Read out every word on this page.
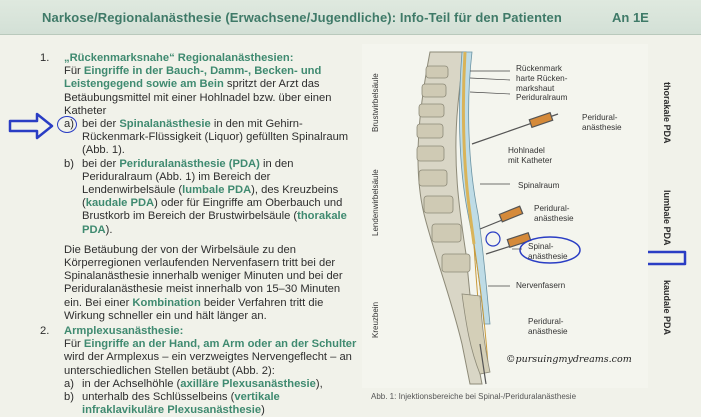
Narkose/Regionalanästhesie (Erwachsene/Jugendliche): Info-Teil für den Patienten	An 1E
1. „Rückenmarksnahe“ Regionalanästhesien:
Für Eingriffe in der Bauch-, Damm-, Becken- und Leistengegend sowie am Bein spritzt der Arzt das Betäubungsmittel mit einer Hohlnadel bzw. über einen Katheter
a) bei der Spinalanästhesie in den mit Gehirn-Rückenmark-Flüssigkeit (Liquor) gefüllten Spinalraum (Abb. 1).
b) bei der Periduralanästhesie (PDA) in den Periduralraum (Abb. 1) im Bereich der Lendenwirbelsäule (lumbale PDA), des Kreuzbeins (kaudale PDA) oder für Eingriffe am Oberbauch und Brustkorb im Bereich der Brustwirbelsäule (thorakale PDA).
Die Betäubung der von der Wirbelsäule zu den Körperregionen verlaufenden Nervenfasern tritt bei der Spinalanästhesie innerhalb weniger Minuten und bei der Periduralanästhesie meist innerhalb von 15–30 Minuten ein. Bei einer Kombination beider Verfahren tritt die Wirkung schneller ein und hält länger an.
2. Armplexusanästhesie:
Für Eingriffe an der Hand, am Arm oder an der Schulter wird der Armplexus – ein verzweigtes Nervengeflecht – an unterschiedlichen Stellen betäubt (Abb. 2):
a) in der Achselhöhle (axilläre Plexusanästhesie),
b) unterhalb des Schlüsselbeins (vertikale infraklavikuläre Plexusanästhesie)
Rückenmark
harte Rücken-
markshaut
Periduralraum
Peridural-
anästhesie
Hohlnadel
mit Katheter
Spinalraum
Peridural-
anästhesie
Spinal-
anästhesie
Nervenfasern
Peridural-
anästhesie
Brustwirbelsäule
Lendenwirbelsäule
Kreuzbein
thorakale PDA
lumbale PDA
kaudale PDA
©pursuingmydreams.com
Abb. 1: Injektionsbereiche bei Spinal-/Periduralanästhesie
